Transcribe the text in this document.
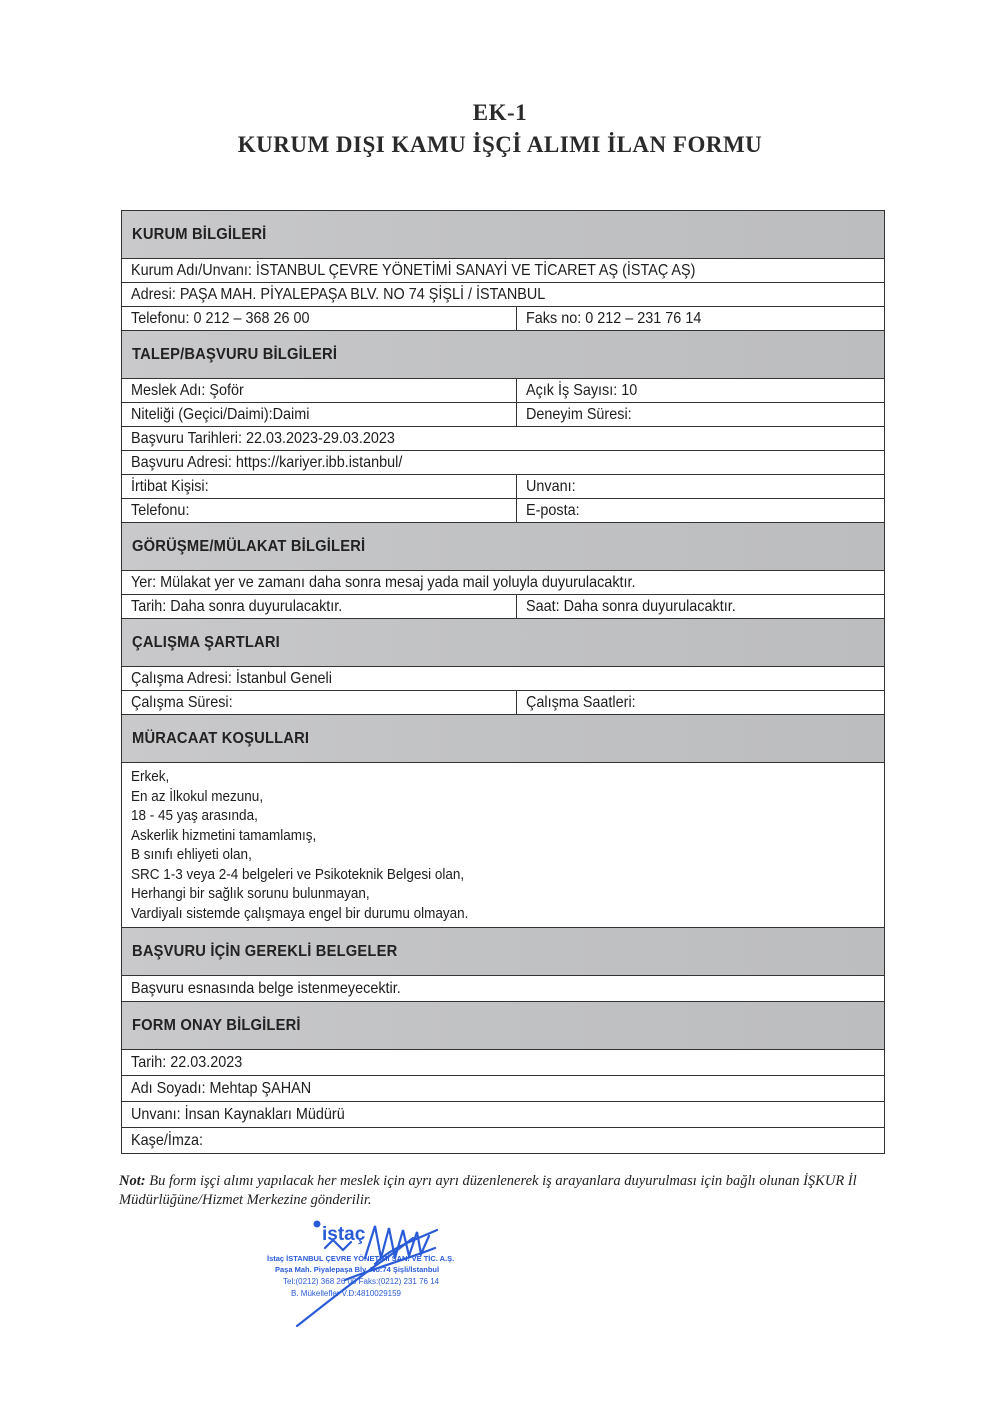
EK-1
KURUM DIŞI KAMU İŞÇİ ALIMI İLAN FORMU
KURUM BİLGİLERİ
Kurum Adı/Unvanı: İSTANBUL ÇEVRE YÖNETİMİ SANAYİ VE TİCARET AŞ (İSTAÇ AŞ)
Adresi: PAŞA MAH. PİYALEPAŞA BLV. NO 74 ŞİŞLİ / İSTANBUL
Telefonu: 0 212 – 368 26 00	Faks no: 0 212 – 231 76 14
TALEP/BAŞVURU BİLGİLERİ
Meslek Adı: Şoför	Açık İş Sayısı: 10
Niteliği (Geçici/Daimi):Daimi	Deneyim Süresi:
Başvuru Tarihleri: 22.03.2023-29.03.2023
Başvuru Adresi: https://kariyer.ibb.istanbul/
İrtibat Kişisi:	Unvanı:
Telefonu:	E-posta:
GÖRÜŞME/MÜLAKAT BİLGİLERİ
Yer: Mülakat yer ve zamanı daha sonra mesaj yada mail yoluyla duyurulacaktır.
Tarih: Daha sonra duyurulacaktır.	Saat: Daha sonra duyurulacaktır.
ÇALIŞMA ŞARTLARI
Çalışma Adresi: İstanbul Geneli
Çalışma Süresi:	Çalışma Saatleri:
MÜRACAAT KOŞULLARI
Erkek,
En az İlkokul mezunu,
18 - 45 yaş arasında,
Askerlik hizmetini tamamlamış,
B sınıfı ehliyeti olan,
SRC 1-3 veya 2-4 belgeleri ve Psikoteknik Belgesi olan,
Herhangi bir sağlık sorunu bulunmayan,
Vardiyalı sistemde çalışmaya engel bir durumu olmayan.
BAŞVURU İÇİN GEREKLİ BELGELER
Başvuru esnasında belge istenmeyecektir.
FORM ONAY BİLGİLERİ
Tarih: 22.03.2023
Adı Soyadı: Mehtap ŞAHAN
Unvanı: İnsan Kaynakları Müdürü
Kaşe/İmza:
Not: Bu form işçi alımı yapılacak her meslek için ayrı ayrı düzenlenerek iş arayanlara duyurulması için bağlı olunan İŞKUR İl Müdürlüğüne/Hizmet Merkezine gönderilir.
istaç
İstaç İSTANBUL ÇEVRE YÖNETİMİ SAN. VE TİC. A.Ş.
Paşa Mah. Piyalepaşa Blv. No:74 Şişli/İstanbul
Tel:(0212) 368 26 00 Faks:(0212) 231 76 14
B. Mükellefler V.D:4810029159
